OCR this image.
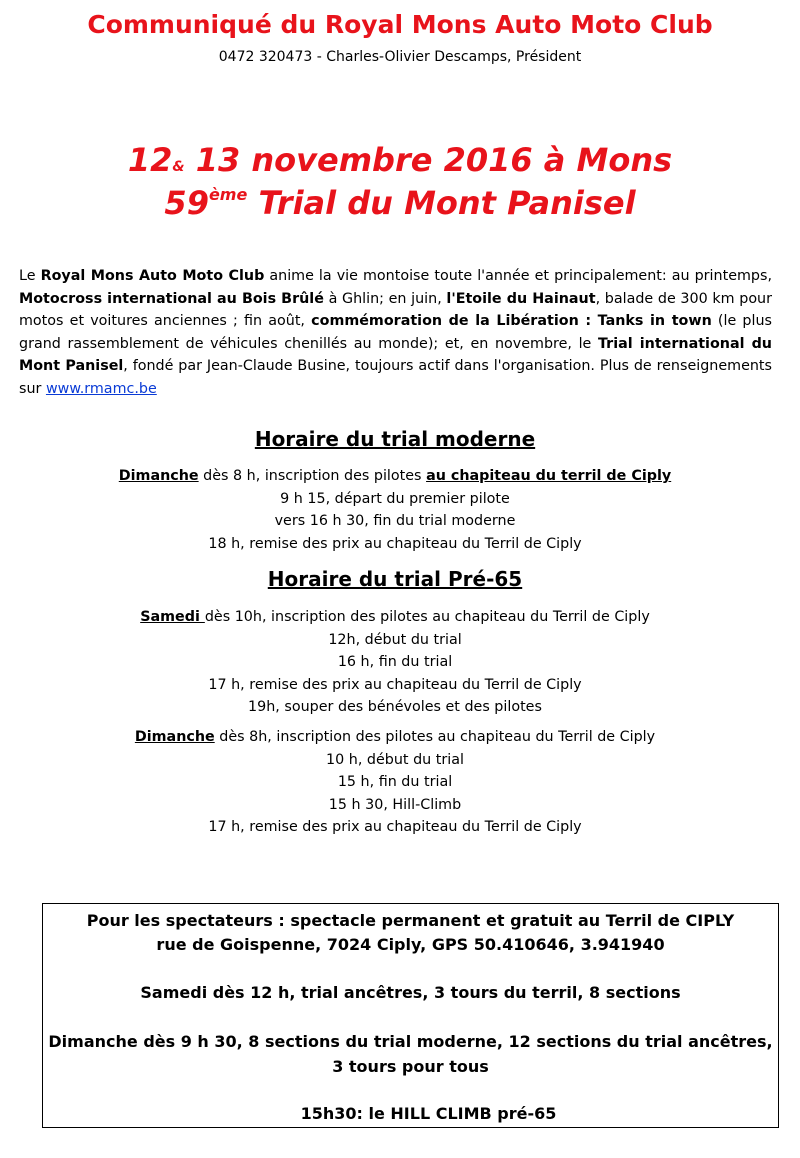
Communiqué du Royal Mons Auto Moto Club
0472 320473 - Charles-Olivier Descamps, Président
12& 13 novembre 2016 à Mons
59ème Trial du Mont Panisel
Le Royal Mons Auto Moto Club anime la vie montoise toute l'année et principalement: au printemps, Motocross international au Bois Brûlé à Ghlin; en juin, l'Etoile du Hainaut, balade de 300 km pour motos et voitures anciennes ; fin août, commémoration de la Libération : Tanks in town (le plus grand rassemblement de véhicules chenillés au monde); et, en novembre, le Trial international du Mont Panisel, fondé par Jean-Claude Busine, toujours actif dans l'organisation. Plus de renseignements sur www.rmamc.be
Horaire du trial moderne
Dimanche dès 8 h, inscription des pilotes au chapiteau du terril de Ciply
9 h 15, départ du premier pilote
vers 16 h 30, fin du trial moderne
18 h, remise des prix au chapiteau du Terril de Ciply
Horaire du trial Pré-65
Samedi dès 10h, inscription des pilotes au chapiteau du Terril de Ciply
12h, début du trial
16 h, fin du trial
17 h, remise des prix au chapiteau du Terril de Ciply
19h, souper des bénévoles et des pilotes
Dimanche dès 8h, inscription des pilotes au chapiteau du Terril de Ciply
10 h, début du trial
15 h, fin du trial
15 h 30, Hill-Climb
17 h, remise des prix au chapiteau du Terril de Ciply

Pour les spectateurs : spectacle permanent et gratuit au Terril de CIPLY

rue de Goispenne, 7024 Ciply, GPS 50.410646, 3.941940

Samedi dès 12 h, trial ancêtres, 3 tours du terril, 8 sections

Dimanche dès 9 h 30, 8 sections du trial moderne, 12 sections du trial ancêtres,

3 tours pour tous

15h30: le HILL CLIMB pré-65
